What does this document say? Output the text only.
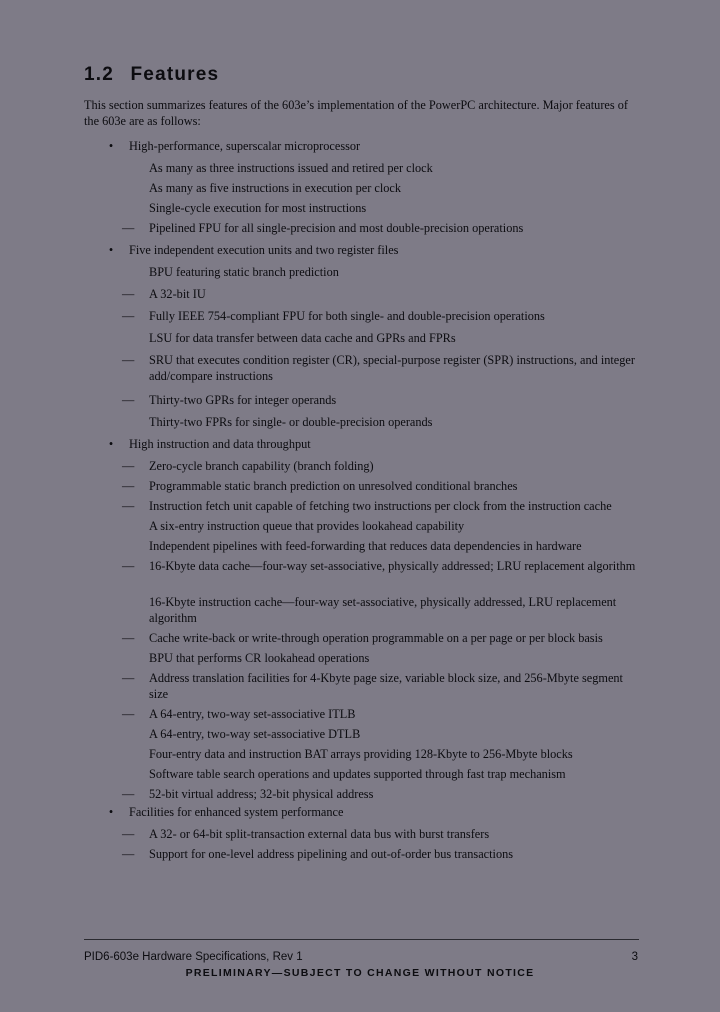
1.2 Features
This section summarizes features of the 603e’s implementation of the PowerPC architecture. Major features of the 603e are as follows:
• High-performance, superscalar microprocessor
As many as three instructions issued and retired per clock
As many as five instructions in execution per clock
Single-cycle execution for most instructions
—	Pipelined FPU for all single-precision and most double-precision operations
• Five independent execution units and two register files
BPU featuring static branch prediction
—	A 32-bit IU
—	Fully IEEE 754-compliant FPU for both single- and double-precision operations
LSU for data transfer between data cache and GPRs and FPRs
—	SRU that executes condition register (CR), special-purpose register (SPR) instructions, and integer add/compare instructions
—	Thirty-two GPRs for integer operands
Thirty-two FPRs for single- or double-precision operands
• High instruction and data throughput
—	Zero-cycle branch capability (branch folding)
—	Programmable static branch prediction on unresolved conditional branches
—	Instruction fetch unit capable of fetching two instructions per clock from the instruction cache
A six-entry instruction queue that provides lookahead capability
Independent pipelines with feed-forwarding that reduces data dependencies in hardware
—	16-Kbyte data cache—four-way set-associative, physically addressed; LRU replacement algorithm
16-Kbyte instruction cache—four-way set-associative, physically addressed, LRU replacement algorithm
—	Cache write-back or write-through operation programmable on a per page or per block basis
BPU that performs CR lookahead operations
—	Address translation facilities for 4-Kbyte page size, variable block size, and 256-Mbyte segment size
—	A 64-entry, two-way set-associative ITLB
A 64-entry, two-way set-associative DTLB
Four-entry data and instruction BAT arrays providing 128-Kbyte to 256-Mbyte blocks
Software table search operations and updates supported through fast trap mechanism
—	52-bit virtual address; 32-bit physical address
• Facilities for enhanced system performance
—	A 32- or 64-bit split-transaction external data bus with burst transfers
—	Support for one-level address pipelining and out-of-order bus transactions
PID6-603e Hardware Specifications, Rev 1	3
PRELIMINARY—SUBJECT TO CHANGE WITHOUT NOTICE
